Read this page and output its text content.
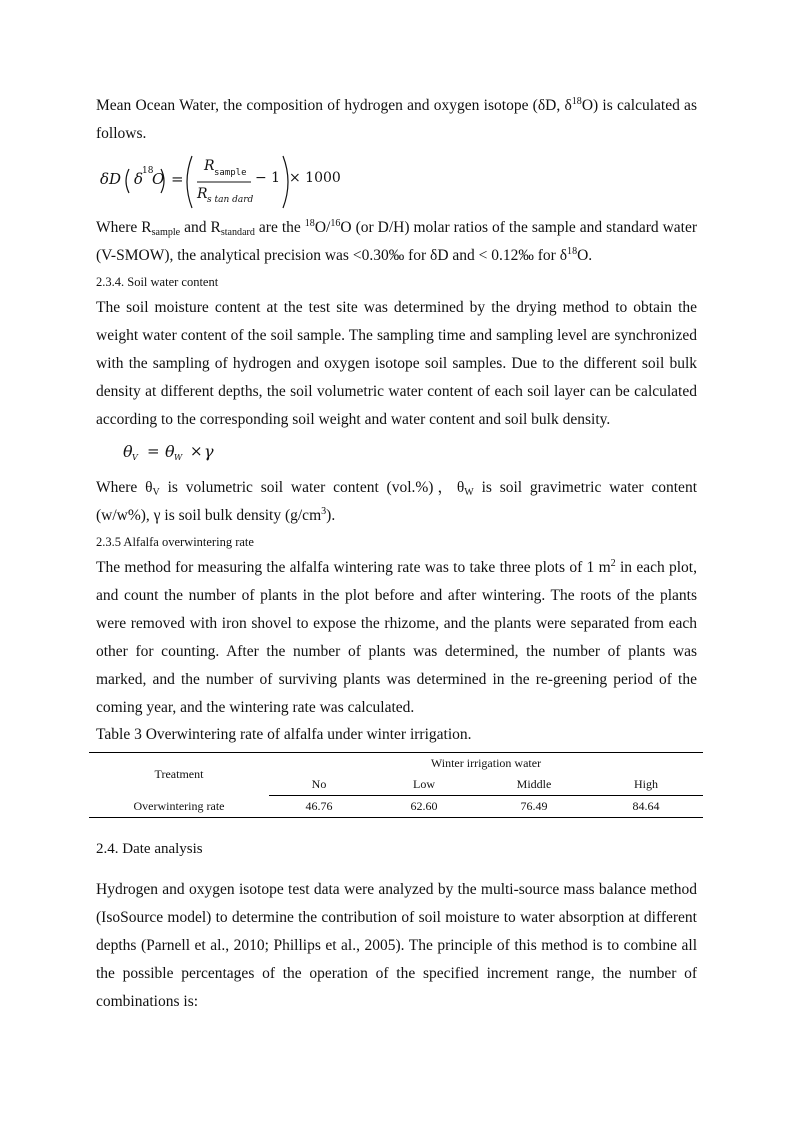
Mean Ocean Water, the composition of hydrogen and oxygen isotope (δD, $\delta^{18}O$) is calculated as follows.

δD δ
18
O =
R sample
R s tan dard
− 1 × 1000

Where $R_{sample}$ and $R_{standard}$ are the $^{18}$O/$^{16}$O (or D/H) molar ratios of the sample and standard water (V-SMOW), the analytical precision was <0.30‰ for δD and < 0.12‰ for $\delta^{18}O$.

2.3.4. Soil water content

The soil moisture content at the test site was determined by the drying method to obtain the weight water content of the soil sample. The sampling time and sampling level are synchronized with the sampling of hydrogen and oxygen isotope soil samples. Due to the different soil bulk density at different depths, the soil volumetric water content of each soil layer can be calculated according to the corresponding soil weight and water content and soil bulk density.

θ V = θ W × γ

Where $\theta_V$ is volumetric soil water content (vol.%)，$\theta_W$ is soil gravimetric water content (w/w%), γ is soil bulk density $(g/cm^3)$.

2.3.5 Alfalfa overwintering rate

The method for measuring the alfalfa wintering rate was to take three plots of 1 $m^2$ in each plot, and count the number of plants in the plot before and after wintering. The roots of the plants were removed with iron shovel to expose the rhizome, and the plants were separated from each other for counting. After the number of plants was determined, the number of plants was marked, and the number of surviving plants was determined in the re-greening period of the coming year, and the wintering rate was calculated.

Table 3 Overwintering rate of alfalfa under winter irrigation.

Treatment	Winter irrigation water			
	No	Low	Middle	High
Overwintering rate	46.76	62.60	76.49	84.64

2.4. Date analysis

Hydrogen and oxygen isotope test data were analyzed by the multi-source mass balance method (IsoSource model) to determine the contribution of soil moisture to water absorption at different depths (Parnell et al., 2010; Phillips et al., 2005). The principle of this method is to combine all the possible percentages of the operation of the specified increment range, the number of combinations is:
